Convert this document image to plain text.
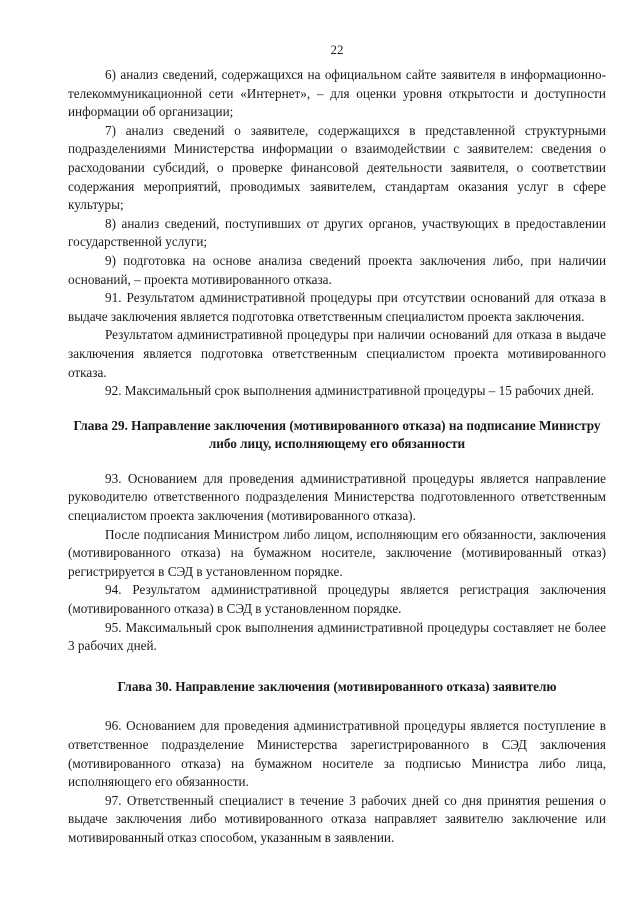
22

6) анализ сведений, содержащихся на официальном сайте заявителя в информационно-телекоммуникационной сети «Интернет», – для оценки уровня открытости и доступности информации об организации;

7) анализ сведений о заявителе, содержащихся в представленной структурными подразделениями Министерства информации о взаимодействии с заявителем: сведения о расходовании субсидий, о проверке финансовой деятельности заявителя, о соответствии содержания мероприятий, проводимых заявителем, стандартам оказания услуг в сфере культуры;

8) анализ сведений, поступивших от других органов, участвующих в предоставлении государственной услуги;

9) подготовка на основе анализа сведений проекта заключения либо, при наличии оснований, – проекта мотивированного отказа.

91. Результатом административной процедуры при отсутствии оснований для отказа в выдаче заключения является подготовка ответственным специалистом проекта заключения.

Результатом административной процедуры при наличии оснований для отказа в выдаче заключения является подготовка ответственным специалистом проекта мотивированного отказа.

92. Максимальный срок выполнения административной процедуры – 15 рабочих дней.

Глава 29. Направление заключения (мотивированного отказа) на подписание Министру либо лицу, исполняющему его обязанности

93. Основанием для проведения административной процедуры является направление руководителю ответственного подразделения Министерства подготовленного ответственным специалистом проекта заключения (мотивированного отказа).

После подписания Министром либо лицом, исполняющим его обязанности, заключения (мотивированного отказа) на бумажном носителе, заключение (мотивированный отказ) регистрируется в СЭД в установленном порядке.

94. Результатом административной процедуры является регистрация заключения (мотивированного отказа) в СЭД в установленном порядке.

95. Максимальный срок выполнения административной процедуры составляет не более 3 рабочих дней.

Глава 30. Направление заключения (мотивированного отказа) заявителю

96. Основанием для проведения административной процедуры является поступление в ответственное подразделение Министерства зарегистрированного в СЭД заключения (мотивированного отказа) на бумажном носителе за подписью Министра либо лица, исполняющего его обязанности.

97. Ответственный специалист в течение 3 рабочих дней со дня принятия решения о выдаче заключения либо мотивированного отказа направляет заявителю заключение или мотивированный отказ способом, указанным в заявлении.
